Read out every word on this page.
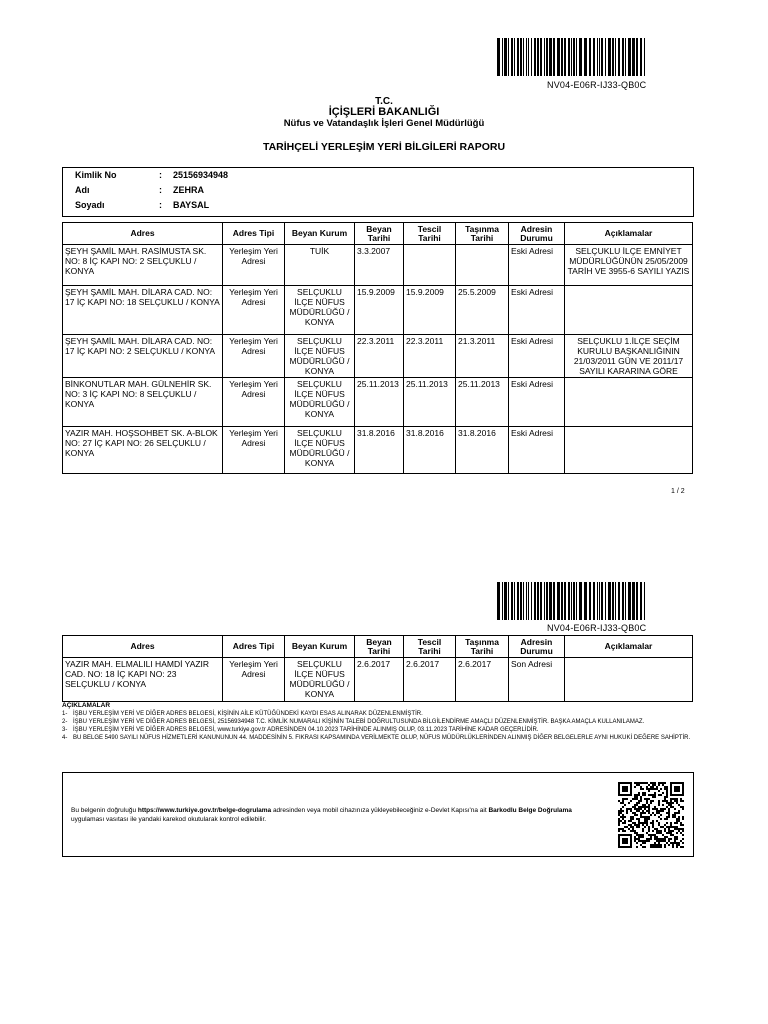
NV04-E06R-IJ33-QB0C
T.C.
İÇİŞLERİ BAKANLIĞI
Nüfus ve Vatandaşlık İşleri Genel Müdürlüğü
TARİHÇELİ YERLEŞİM YERİ BİLGİLERİ RAPORU
Kimlik No	:	25156934948
Adı	:	ZEHRA
Soyadı	:	BAYSAL
Adres	Adres Tipi	Beyan Kurum	Beyan Tarihi	Tescil Tarihi	Taşınma Tarihi	Adresin Durumu	Açıklamalar
ŞEYH ŞAMİL MAH. RASİMUSTA SK. NO: 8 İÇ KAPI NO: 2 SELÇUKLU / KONYA	Yerleşim Yeri Adresi	TUİK	3.3.2007			Eski Adresi	SELÇUKLU İLÇE EMNİYET MÜDÜRLÜĞÜNÜN 25/05/2009 TARİH VE 3955-6 SAYILI YAZIS
ŞEYH ŞAMİL MAH. DİLARA CAD. NO: 17 İÇ KAPI NO: 18 SELÇUKLU / KONYA	Yerleşim Yeri Adresi	SELÇUKLU İLÇE NÜFUS MÜDÜRLÜĞÜ / KONYA	15.9.2009	15.9.2009	25.5.2009	Eski Adresi	
ŞEYH ŞAMİL MAH. DİLARA CAD. NO: 17 İÇ KAPI NO: 2 SELÇUKLU / KONYA	Yerleşim Yeri Adresi	SELÇUKLU İLÇE NÜFUS MÜDÜRLÜĞÜ / KONYA	22.3.2011	22.3.2011	21.3.2011	Eski Adresi	SELÇUKLU 1.İLÇE SEÇİM KURULU BAŞKANLIĞININ 21/03/2011 GÜN VE 2011/17 SAYILI KARARINA GÖRE
BİNKONUTLAR MAH. GÜLNEHİR SK. NO: 3 İÇ KAPI NO: 8 SELÇUKLU / KONYA	Yerleşim Yeri Adresi	SELÇUKLU İLÇE NÜFUS MÜDÜRLÜĞÜ / KONYA	25.11.2013	25.11.2013	25.11.2013	Eski Adresi	
YAZIR MAH. HOŞSOHBET SK. A-BLOK NO: 27 İÇ KAPI NO: 26 SELÇUKLU / KONYA	Yerleşim Yeri Adresi	SELÇUKLU İLÇE NÜFUS MÜDÜRLÜĞÜ / KONYA	31.8.2016	31.8.2016	31.8.2016	Eski Adresi	
1 / 2
NV04-E06R-IJ33-QB0C
Adres	Adres Tipi	Beyan Kurum	Beyan Tarihi	Tescil Tarihi	Taşınma Tarihi	Adresin Durumu	Açıklamalar
YAZIR MAH. ELMALILI HAMDİ YAZIR CAD. NO: 18 İÇ KAPI NO: 23 SELÇUKLU / KONYA	Yerleşim Yeri Adresi	SELÇUKLU İLÇE NÜFUS MÜDÜRLÜĞÜ / KONYA	2.6.2017	2.6.2017	2.6.2017	Son Adresi	
AÇIKLAMALAR
1- İŞBU YERLEŞİM YERİ VE DİĞER ADRES BELGESİ, KİŞİNİN AİLE KÜTÜĞÜNDEKİ KAYDI ESAS ALINARAK DÜZENLENMİŞTİR.
2- İŞBU YERLEŞİM YERİ VE DİĞER ADRES BELGESİ, 25156934948 T.C. KİMLİK NUMARALI KİŞİNİN TALEBİ DOĞRULTUSUNDA BİLGİLENDİRME AMAÇLI DÜZENLENMİŞTİR. BAŞKA AMAÇLA KULLANILAMAZ.
3- İŞBU YERLEŞİM YERİ VE DİĞER ADRES BELGESİ, www.turkiye.gov.tr ADRESİNDEN 04.10.2023 TARİHİNDE ALINMIŞ OLUP, 03.11.2023 TARİHİNE KADAR GEÇERLİDİR.
4- BU BELGE 5490 SAYILI NÜFUS HİZMETLERİ KANUNUNUN 44. MADDESİNİN 5. FIKRASI KAPSAMINDA VERİLMEKTE OLUP, NÜFUS MÜDÜRLÜKLERİNDEN ALINMIŞ DİĞER BELGELERLE AYNI HUKUKİ DEĞERE SAHİPTİR.
Bu belgenin doğruluğu https://www.turkiye.gov.tr/belge-dogrulama adresinden veya mobil cihazınıza yükleyebileceğiniz e-Devlet Kapısı'na ait Barkodlu Belge Doğrulama uygulaması vasıtası ile yandaki karekod okutularak kontrol edilebilir.
